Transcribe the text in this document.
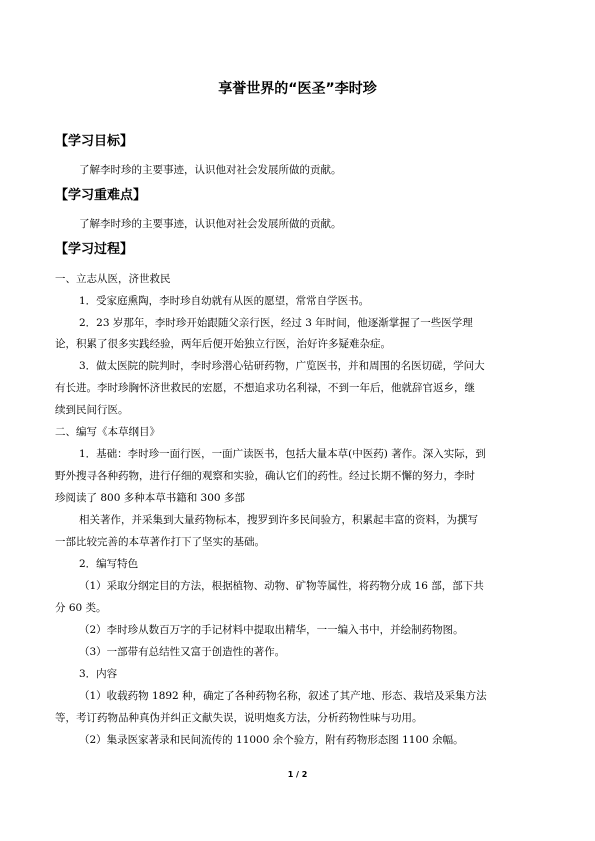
享誉世界的“医圣”李时珍
【学习目标】
了解李时珍的主要事迹，认识他对社会发展所做的贡献。
【学习重难点】
了解李时珍的主要事迹，认识他对社会发展所做的贡献。
【学习过程】
一、立志从医，济世救民
1．受家庭熏陶，李时珍自幼就有从医的愿望，常常自学医书。
2．23 岁那年，李时珍开始跟随父亲行医，经过 3 年时间，他逐渐掌握了一些医学理
论，积累了很多实践经验，两年后便开始独立行医，治好许多疑难杂症。
3．做太医院的院判时，李时珍潜心钻研药物，广览医书，并和周围的名医切磋，学问大
有长进。李时珍胸怀济世救民的宏愿，不想追求功名利禄，不到一年后，他就辞官返乡，继
续到民间行医。
二、编写《本草纲目》
1．基础：李时珍一面行医，一面广读医书，包括大量本草(中医药) 著作。深入实际，到
野外搜寻各种药物，进行仔细的观察和实验，确认它们的药性。经过长期不懈的努力，李时
珍阅读了 800 多种本草书籍和 300 多部
相关著作，并采集到大量药物标本，搜罗到许多民间验方，积累起丰富的资料，为撰写
一部比较完善的本草著作打下了坚实的基础。
2．编写特色
（1）采取分纲定目的方法，根据植物、动物、矿物等属性，将药物分成 16 部，部下共
分 60 类。
（2）李时珍从数百万字的手记材料中提取出精华，一一编入书中，并绘制药物图。
（3）一部带有总结性又富于创造性的著作。
3．内容
（1）收载药物 1892 种，确定了各种药物名称，叙述了其产地、形态、栽培及采集方法
等，考订药物品种真伪并纠正文献失误，说明炮炙方法，分析药物性味与功用。
（2）集录医家著录和民间流传的 11000 余个验方，附有药物形态图 1100 余幅。
1 / 2
